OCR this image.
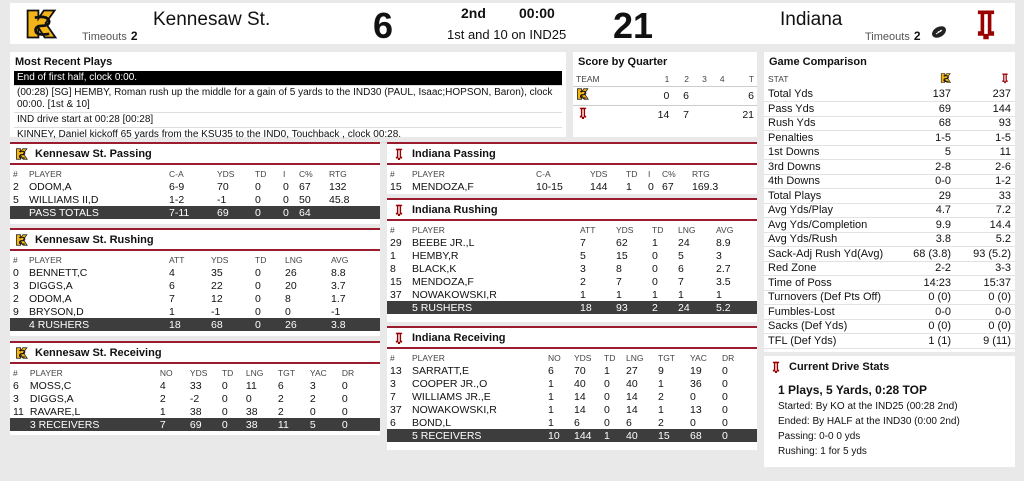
Kennesaw St.
Timeouts 2	6	2nd 00:00
1st and 10 on IND25 21	Indiana
Timeouts 2
Most Recent Plays
End of first half, clock 0:00.
(00:28) [SG] HEMBY, Roman rush up the middle for a gain of 5 yards to the IND30 (PAUL, Isaac;HOPSON, Baron), clock 00:00. [1st & 10]
IND drive start at 00:28 [00:28]
KINNEY, Daniel kickoff 65 yards from the KSU35 to the IND0, Touchback , clock 00:28.
Score by Quarter
TEAM	1	2	3	4	T

	0	6			6

	14	7			21
Kennesaw St. Passing
#	PLAYER	C-A	YDS	TD	I	C%	RTG
2	ODOM,A	6-9	70	0	0	67	132
5	WILLIAMS II,D	1-2	-1	0	0	50	45.8
	PASS TOTALS	7-11	69	0	0	64	
Kennesaw St. Rushing
#	PLAYER	ATT	YDS	TD	LNG	AVG
0	BENNETT,C	4	35	0	26	8.8
3	DIGGS,A	6	22	0	20	3.7
2	ODOM,A	7	12	0	8	1.7
9	BRYSON,D	1	-1	0	0	-1
	4 RUSHERS	18	68	0	26	3.8
Kennesaw St. Receiving
#	PLAYER	NO	YDS	TD	LNG	TGT	YAC	DR
6	MOSS,C	4	33	0	11	6	3	0
3	DIGGS,A	2	-2	0	0	2	2	0
11	RAVARE,L	1	38	0	38	2	0	0
	3 RECEIVERS	7	69	0	38	11	5	0
Indiana Passing
#	PLAYER	C-A	YDS	TD	I	C%	RTG
15	MENDOZA,F	10-15	144	1	0	67	169.3
Indiana Rushing
#	PLAYER	ATT	YDS	TD	LNG	AVG
29	BEEBE JR.,L	7	62	1	24	8.9
1	HEMBY,R	5	15	0	5	3
8	BLACK,K	3	8	0	6	2.7
15	MENDOZA,F	2	7	0	7	3.5
37	NOWAKOWSKI,R	1	1	1	1	1
	5 RUSHERS	18	93	2	24	5.2
Indiana Receiving
#	PLAYER	NO	YDS	TD	LNG	TGT	YAC	DR
13	SARRATT,E	6	70	1	27	9	19	0
3	COOPER JR.,O	1	40	0	40	1	36	0
7	WILLIAMS JR.,E	1	14	0	14	2	0	0
37	NOWAKOWSKI,R	1	14	0	14	1	13	0
6	BOND,L	1	6	0	6	2	0	0
	5 RECEIVERS	10	144	1	40	15	68	0
Game Comparison
STAT	

Total Yds	137	237
Pass Yds	69	144
Rush Yds	68	93
Penalties	1-5	1-5
1st Downs	5	11
3rd Downs	2-8	2-6
4th Downs	0-0	1-2
Total Plays	29	33
Avg Yds/Play	4.7	7.2
Avg Yds/Completion	9.9	14.4
Avg Yds/Rush	3.8	5.2
Sack-Adj Rush Yd(Avg)	68 (3.8)	93 (5.2)
Red Zone	2-2	3-3
Time of Poss	14:23	15:37
Turnovers (Def Pts Off)	0 (0)	0 (0)
Fumbles-Lost	0-0	0-0
Sacks (Def Yds)	0 (0)	0 (0)
TFL (Def Yds)	1 (1)	9 (11)
Current Drive Stats
1 Plays, 5 Yards, 0:28 TOP
Started: By KO at the IND25 (00:28 2nd)
Ended: By HALF at the IND30 (0:00 2nd)
Passing: 0-0 0 yds
Rushing: 1 for 5 yds
